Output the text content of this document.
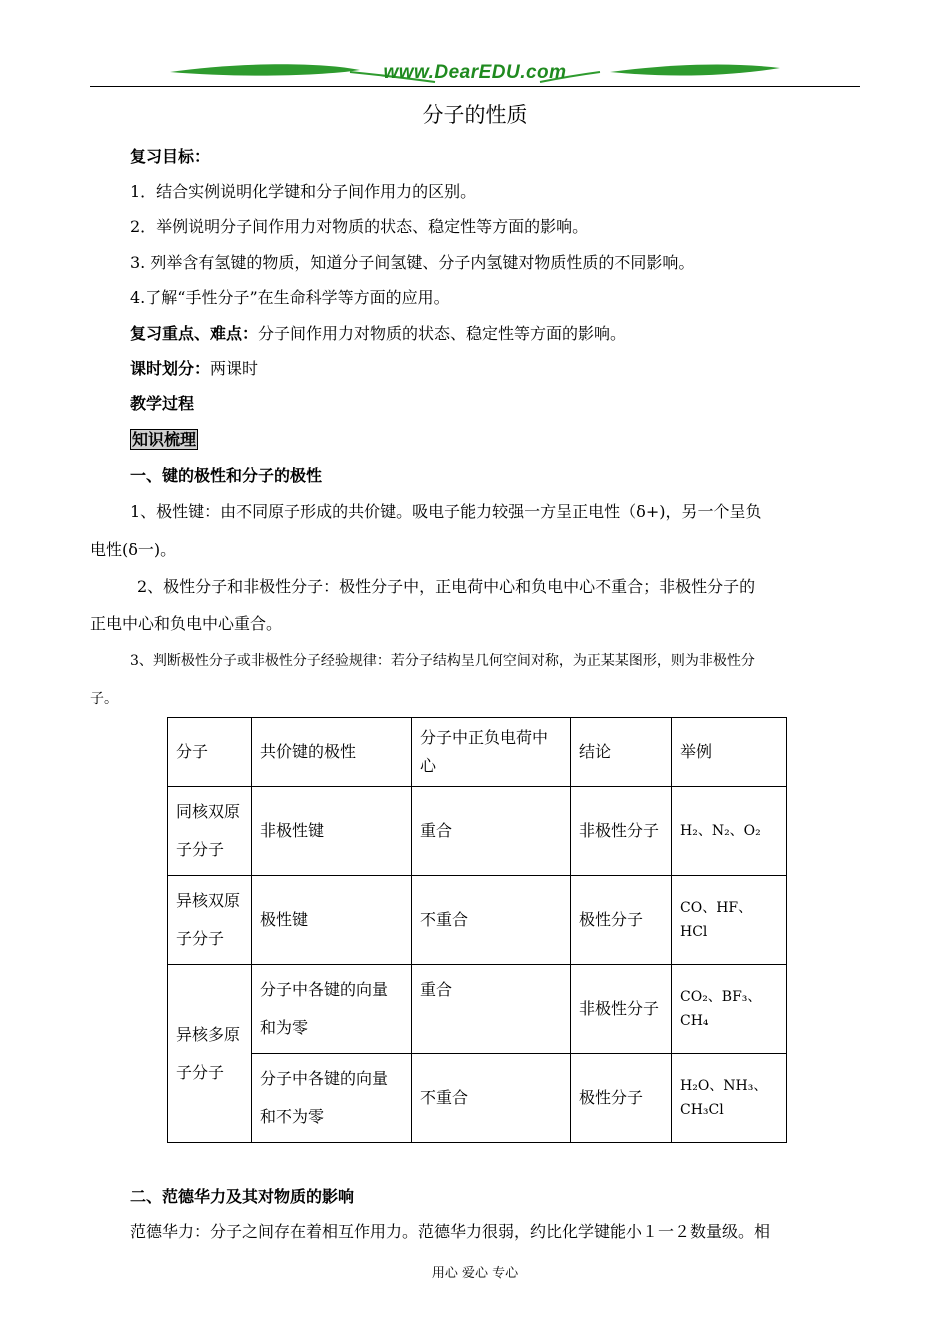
www.DearEDU.com
分子的性质
复习目标：
1．结合实例说明化学键和分子间作用力的区别。
2．举例说明分子间作用力对物质的状态、稳定性等方面的影响。
3. 列举含有氢键的物质，知道分子间氢键、分子内氢键对物质性质的不同影响。
4.了解“手性分子”在生命科学等方面的应用。
复习重点、难点：分子间作用力对物质的状态、稳定性等方面的影响。
课时划分：两课时
教学过程
知识梳理
一、键的极性和分子的极性
1、极性键：由不同原子形成的共价键。吸电子能力较强一方呈正电性（δ+)，另一个呈负
电性(δ一)。
2、极性分子和非极性分子：极性分子中，正电荷中心和负电中心不重合；非极性分子的
正电中心和负电中心重合。
3、判断极性分子或非极性分子经验规律：若分子结构呈几何空间对称，为正某某图形，则为非极性分
子。
分子	共价键的极性	分子中正负电荷中心	结论	举例
同核双原子分子	非极性键	重合	非极性分子	H₂、N₂、O₂
异核双原子分子	极性键	不重合	极性分子	CO、HF、HCl
异核多原子分子	分子中各键的向量和为零	重合	非极性分子	CO₂、BF₃、CH₄
	分子中各键的向量和不为零	不重合	极性分子	H₂O、NH₃、CH₃Cl
二、范德华力及其对物质的影响
范德华力：分子之间存在着相互作用力。范德华力很弱，约比化学键能小１一２数量级。相
用心 爱心 专心
